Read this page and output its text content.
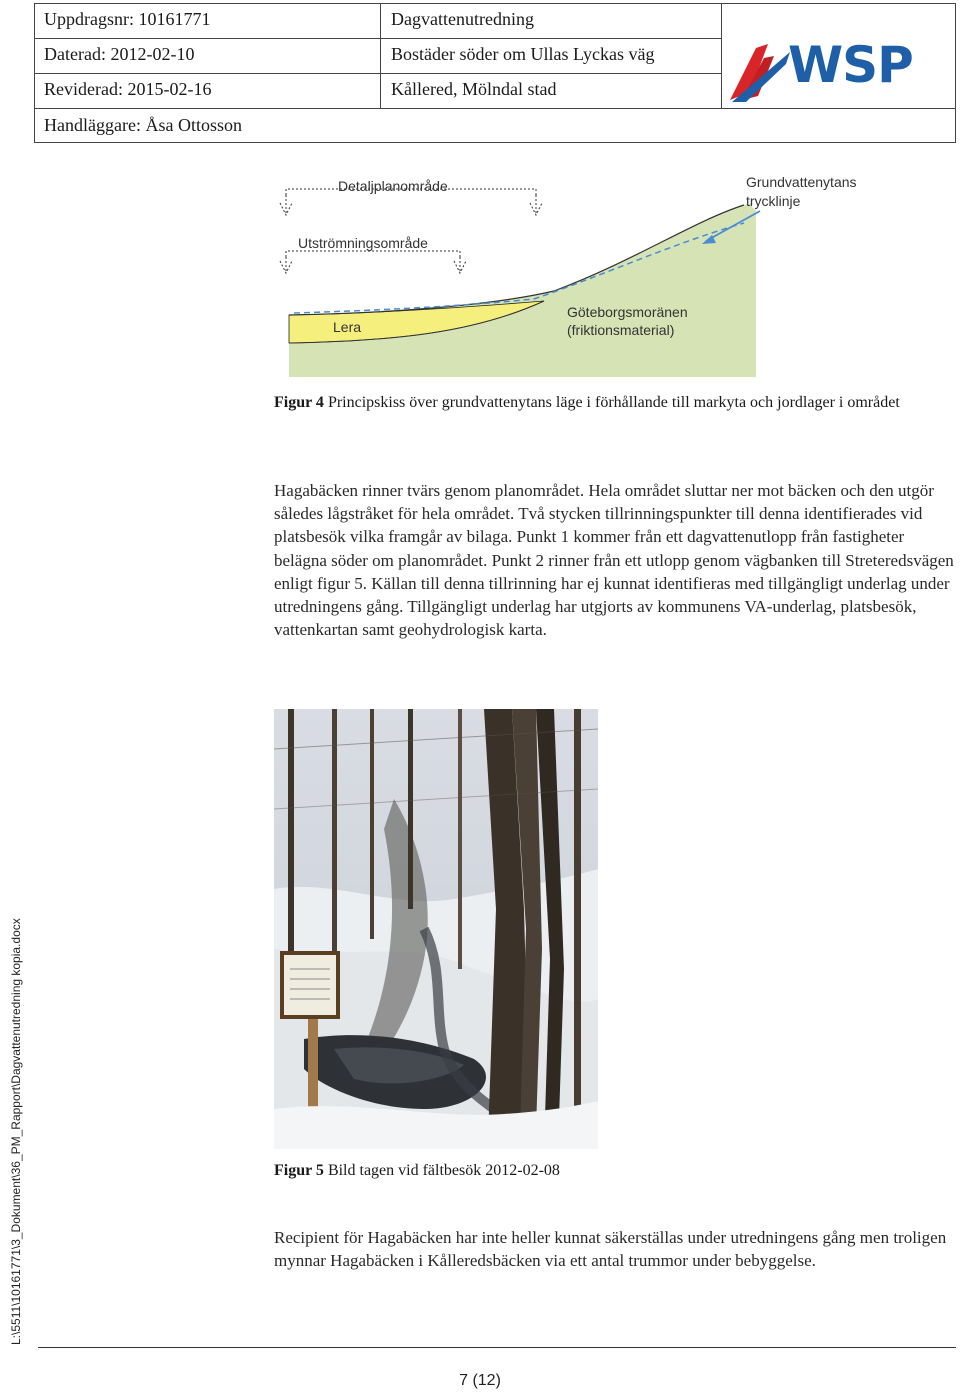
Uppdragsnr: 10161771
Daterad: 2012-02-10
Reviderad: 2015-02-16
Handläggare: Åsa Ottosson
Dagvattenutredning
Bostäder söder om Ullas Lyckas väg
Kållered, Mölndal stad	WSP
Detaljplanområde
Utströmningsområde
Grundvattenytans trycklinje
Lera
Göteborgsmoränen
(friktionsmaterial)
Figur 4 Principskiss över grundvattenytans läge i förhållande till markyta och jordlager i området

Hagabäcken rinner tvärs genom planområdet. Hela området sluttar ner mot bäcken och den utgör således lågstråket för hela området. Två stycken tillrinningspunkter till denna identifierades vid platsbesök vilka framgår av bilaga. Punkt 1 kommer från ett dagvattenutlopp från fastigheter belägna söder om planområdet. Punkt 2 rinner från ett utlopp genom vägbanken till Streteredsvägen enligt figur 5. Källan till denna tillrinning har ej kunnat identifieras med tillgängligt underlag under utredningens gång. Tillgängligt underlag har utgjorts av kommunens VA-underlag, platsbesök, vattenkartan samt geohydrologisk karta.

Figur 5 Bild tagen vid fältbesök 2012-02-08

Recipient för Hagabäcken har inte heller kunnat säkerställas under utredningens gång men troligen mynnar Hagabäcken i Kålleredsbäcken via ett antal trummor under bebyggelse.

L:\5511\10161771\3_Dokument\36_PM_Rapport\Dagvattenutredning kopia.docx
7 (12)
